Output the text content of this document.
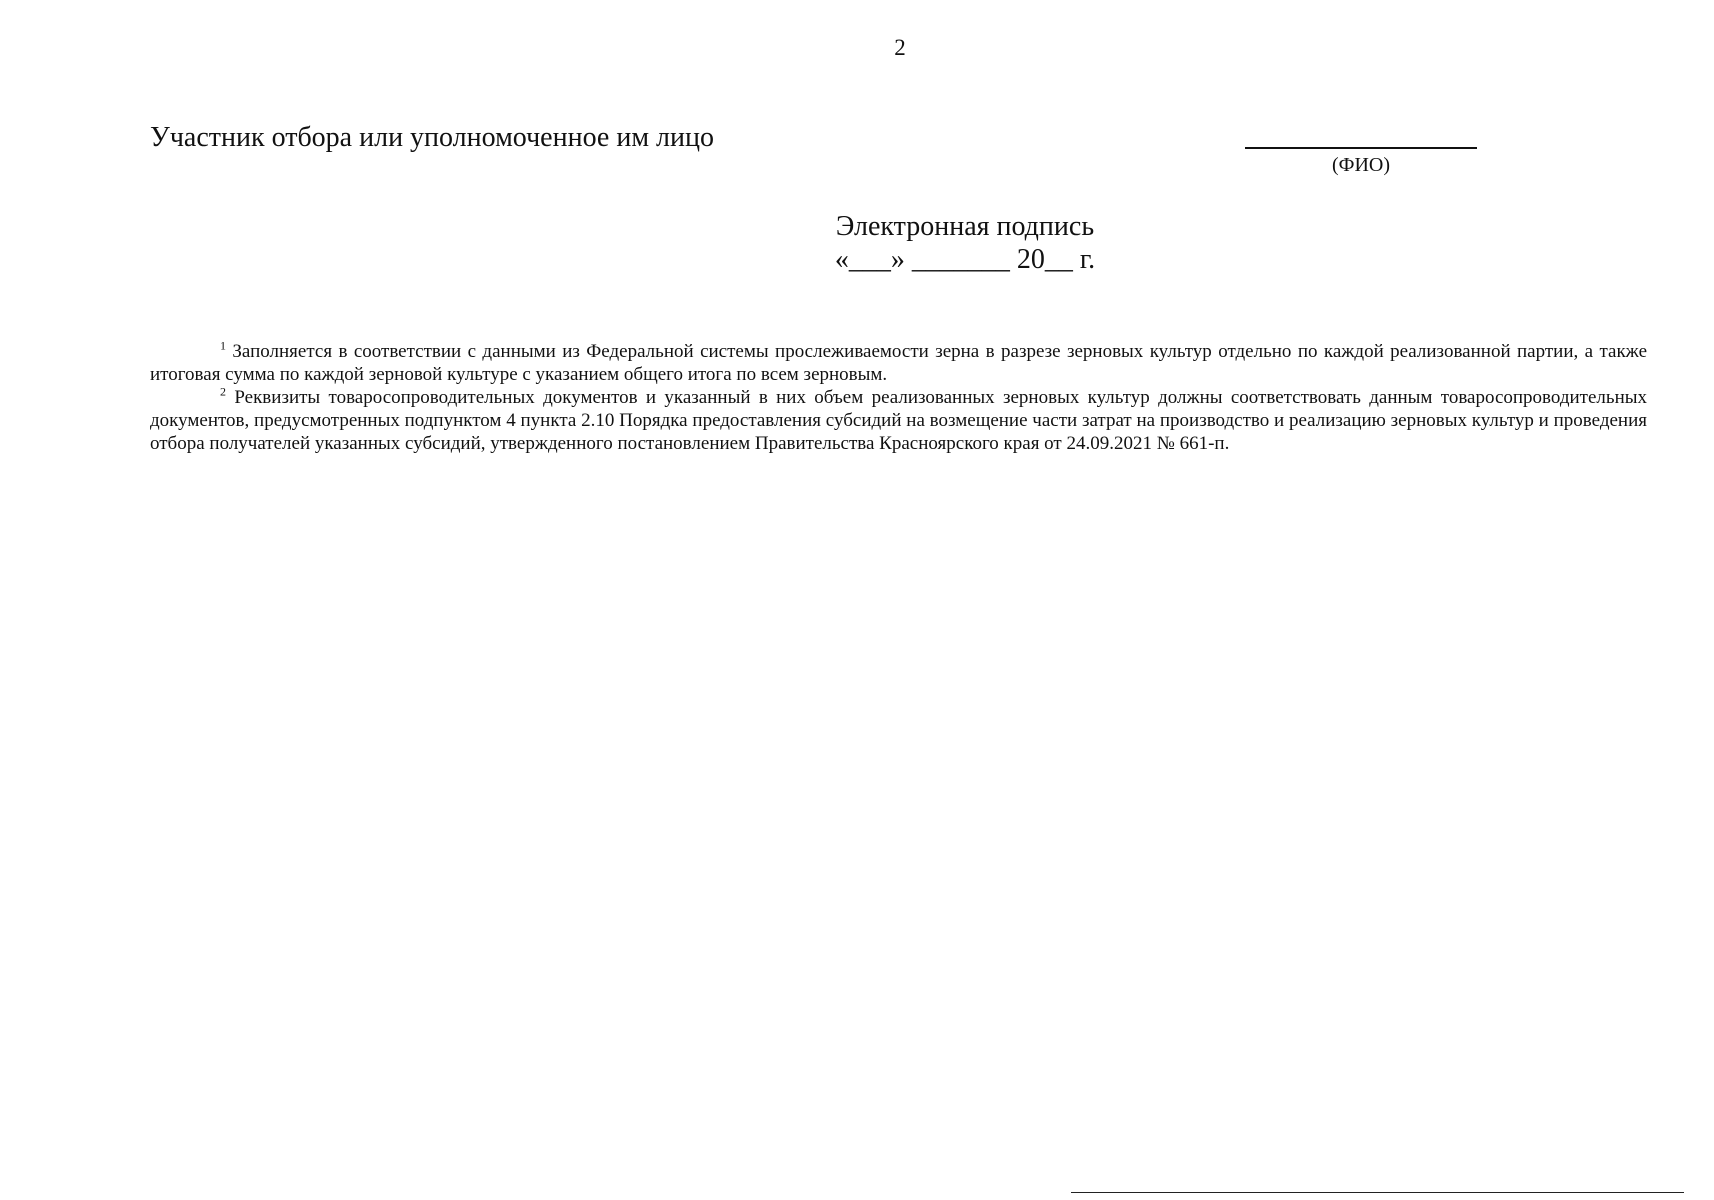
2
Участник отбора или уполномоченное им лицо
(ФИО)
Электронная подпись
«___» _______ 20__ г.

$^1$ Заполняется в соответствии с данными из Федеральной системы прослеживаемости зерна в разрезе зерновых культур отдельно по каждой реализованной партии, а также итоговая сумма по каждой зерновой культуре с указанием общего итога по всем зерновым.

$^2$ Реквизиты товаросопроводительных документов и указанный в них объем реализованных зерновых культур должны соответствовать данным товаросопроводительных документов, предусмотренных подпунктом 4 пункта 2.10 Порядка предоставления субсидий на возмещение части затрат на производство и реализацию зерновых культур и проведения отбора получателей указанных субсидий, утвержденного постановлением Правительства Красноярского края от 24.09.2021 № 661-п.
